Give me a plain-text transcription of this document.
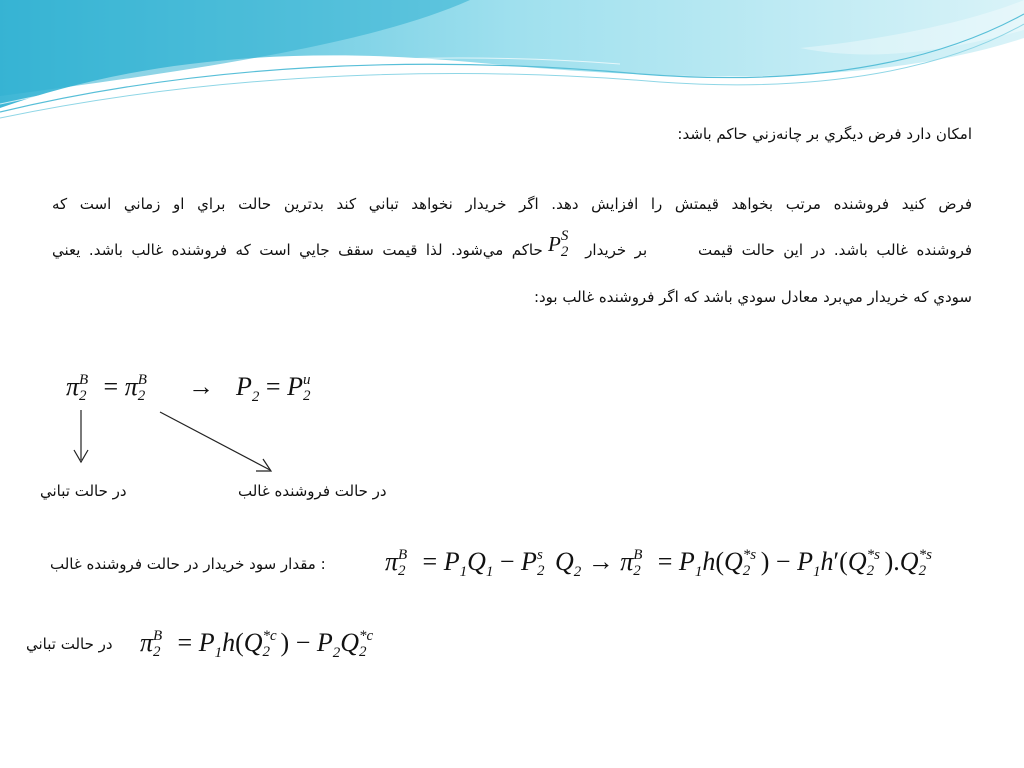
امكان دارد فرض ديگري بر چانه‌زني حاكم باشد:
فرض كنيد فروشنده مرتب بخواهد قيمتش را افزايش دهد. اگر خريدار نخواهد تباني كند بدترين حالت براي او زماني است كه
فروشنده غالب باشد. در اين حالت قيمت      بر خريدار     حاكم مي‌شود. لذا قيمت سقف جايي است كه فروشنده غالب باشد. يعني P S
2
سودي كه خريدار مي‌برد معادل سودي باشد كه اگر فروشنده غالب بود:
π B
2 = π B
$2 \to P_2 = P$ u
2
در حالت تباني	در حالت فروشنده غالب
: مقدار سود خريدار در حالت فروشنده غالب π B
$2 = P_1Q_1 - P$ s
2 $Q_2 \to \pi$ B
$2 = P_1h(Q$ *s
2 ) − $P_1h'(Q$ *s
2 ).Q *s
2
در حالت تباني π B
$2 = P_1h(Q$ *c
2 ) − $P_2Q$ *c
2
